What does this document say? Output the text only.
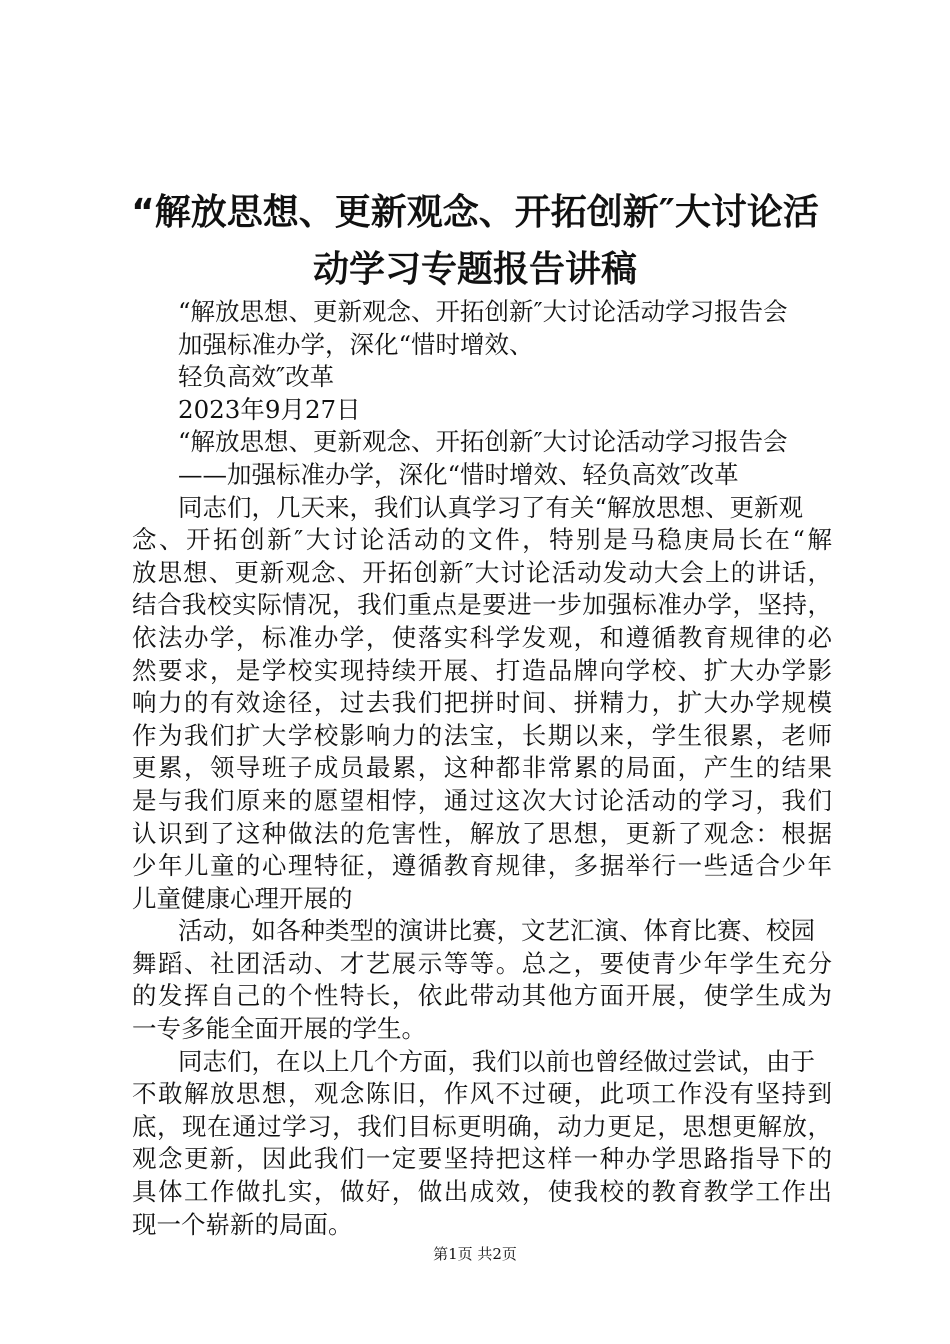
“解放思想、更新观念、开拓创新″大讨论活
动学习专题报告讲稿
“解放思想、更新观念、开拓创新″大讨论活动学习报告会
加强标准办学，深化“惜时增效、
轻负高效″改革
2023年9月27日
“解放思想、更新观念、开拓创新″大讨论活动学习报告会
——加强标准办学，深化“惜时增效、轻负高效″改革
同志们，几天来，我们认真学习了有关“解放思想、更新观
念、开拓创新″大讨论活动的文件，特别是马稳庚局长在“解
放思想、更新观念、开拓创新″大讨论活动发动大会上的讲话，
结合我校实际情况，我们重点是要进一步加强标准办学，坚持，
依法办学，标准办学，使落实科学发观，和遵循教育规律的必
然要求，是学校实现持续开展、打造品牌向学校、扩大办学影
响力的有效途径，过去我们把拼时间、拼精力，扩大办学规模
作为我们扩大学校影响力的法宝，长期以来，学生很累，老师
更累，领导班子成员最累，这种都非常累的局面，产生的结果
是与我们原来的愿望相悖，通过这次大讨论活动的学习，我们
认识到了这种做法的危害性，解放了思想，更新了观念：根据
少年儿童的心理特征，遵循教育规律，多据举行一些适合少年
儿童健康心理开展的
活动，如各种类型的演讲比赛，文艺汇演、体育比赛、校园
舞蹈、社团活动、才艺展示等等。总之，要使青少年学生充分
的发挥自己的个性特长，依此带动其他方面开展，使学生成为
一专多能全面开展的学生。
同志们，在以上几个方面，我们以前也曾经做过尝试，由于
不敢解放思想，观念陈旧，作风不过硬，此项工作没有坚持到
底，现在通过学习，我们目标更明确，动力更足，思想更解放，
观念更新，因此我们一定要坚持把这样一种办学思路指导下的
具体工作做扎实，做好，做出成效，使我校的教育教学工作出
现一个崭新的局面。
第1页 共2页
